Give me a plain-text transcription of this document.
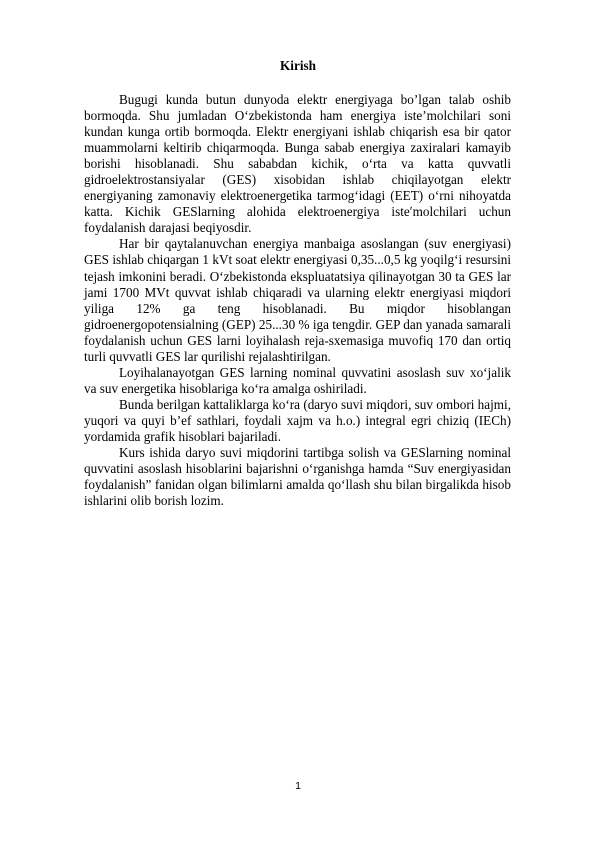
Kirish

Bugugi kunda butun dunyoda elektr energiyaga bo’lgan talab oshib bormoqda. Shu jumladan O‘zbekistonda ham energiya iste’molchilari soni kundan kunga ortib bormoqda. Elektr energiyani ishlab chiqarish esa bir qator muammolarni keltirib chiqarmoqda. Bunga sabab energiya zaxiralari kamayib borishi hisoblanadi. Shu sababdan kichik, o‘rta va katta quvvatli gidroelektrostansiyalar (GES) xisobidan ishlab chiqilayotgan elektr energiyaning zamonaviy elektroenergetika tarmog‘idagi (EET) o‘rni nihoyatda katta. Kichik GESlarning alohida elektroenergiya isteʹmolchilari uchun foydalanish darajasi beqiyosdir.

Har bir qaytalanuvchan energiya manbaiga asoslangan (suv energiyasi) GES ishlab chiqargan 1 kVt soat elektr energiyasi 0,35...0,5 kg yoqilg‘i resursini tejash imkonini beradi. O‘zbekistonda ekspluatatsiya qilinayotgan 30 ta GES lar jami 1700 MVt quvvat ishlab chiqaradi va ularning elektr energiyasi miqdori yiliga 12% ga teng hisoblanadi. Bu miqdor hisoblangan gidroenergopotensialning (GEP) 25...30 % iga tengdir. GEP dan yanada samarali foydalanish uchun GES larni loyihalash reja-sxemasiga muvofiq 170 dan ortiq turli quvvatli GES lar qurilishi rejalashtirilgan.

Loyihalanayotgan GES larning nominal quvvatini asoslash suv xo‘jalik va suv energetika hisoblariga ko‘ra amalga oshiriladi.

Bunda berilgan kattaliklarga ko‘ra (daryo suvi miqdori, suv ombori hajmi, yuqori va quyi b’ef sathlari, foydali xajm va h.o.) integral egri chiziq (IEСh) yordamida grafik hisoblari bajariladi.

Kurs ishida daryo suvi miqdorini tartibga solish va GESlarning nominal quvvatini asoslash hisoblarini bajarishni o‘rganishga hamda “Suv energiyasidan foydalanish” fanidan olgan bilimlarni amalda qo‘llash shu bilan birgalikda hisob ishlarini olib borish lozim.

1
